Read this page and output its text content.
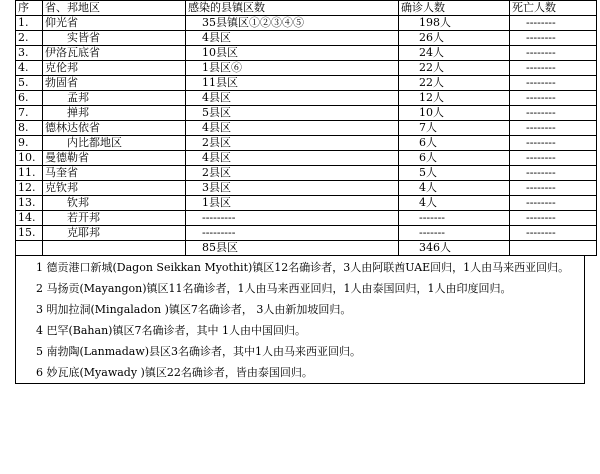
序	省、邦地区	感染的县镇区数	确诊人数	死亡人数
1.	仰光省	35县镇区①②③④⑤	198人	--------
2.	实皆省	4县区	26人	--------
3.	伊洛瓦底省	10县区	24人	--------
4.	克伦邦	1县区⑥	22人	--------
5.	勃固省	11县区	22人	--------
6.	孟邦	4县区	12人	--------
7.	掸邦	5县区	10人	--------
8.	德林达依省	4县区	7人	--------
9.	内比都地区	2县区	6人	--------
10.	曼德勒省	4县区	6人	--------
11.	马奎省	2县区	5人	--------
12.	克钦邦	3县区	4人	--------
13.	钦邦	1县区	4人	--------
14.	若开邦	---------	-------	--------
15.	克耶邦	---------	-------	--------
		85县区	346人	
1 德贡港口新城(Dagon Seikkan Myothit)镇区12名确诊者，3人由阿联酋UAE回归，1人由马来西亚回归。
2 马扬贡(Mayangon)镇区11名确诊者，1人由马来西亚回归，1人由泰国回归，1人由印度回归。
3 明加拉洞(Mingaladon )镇区7名确诊者， 3人由新加坡回归。
4 巴罕(Bahan)镇区7名确诊者，其中 1人由中国回归。
5 南勃陶(Lanmadaw)县区3名确诊者，其中1人由马来西亚回归。
6 妙瓦底(Myawady )镇区22名确诊者，皆由泰国回归。
